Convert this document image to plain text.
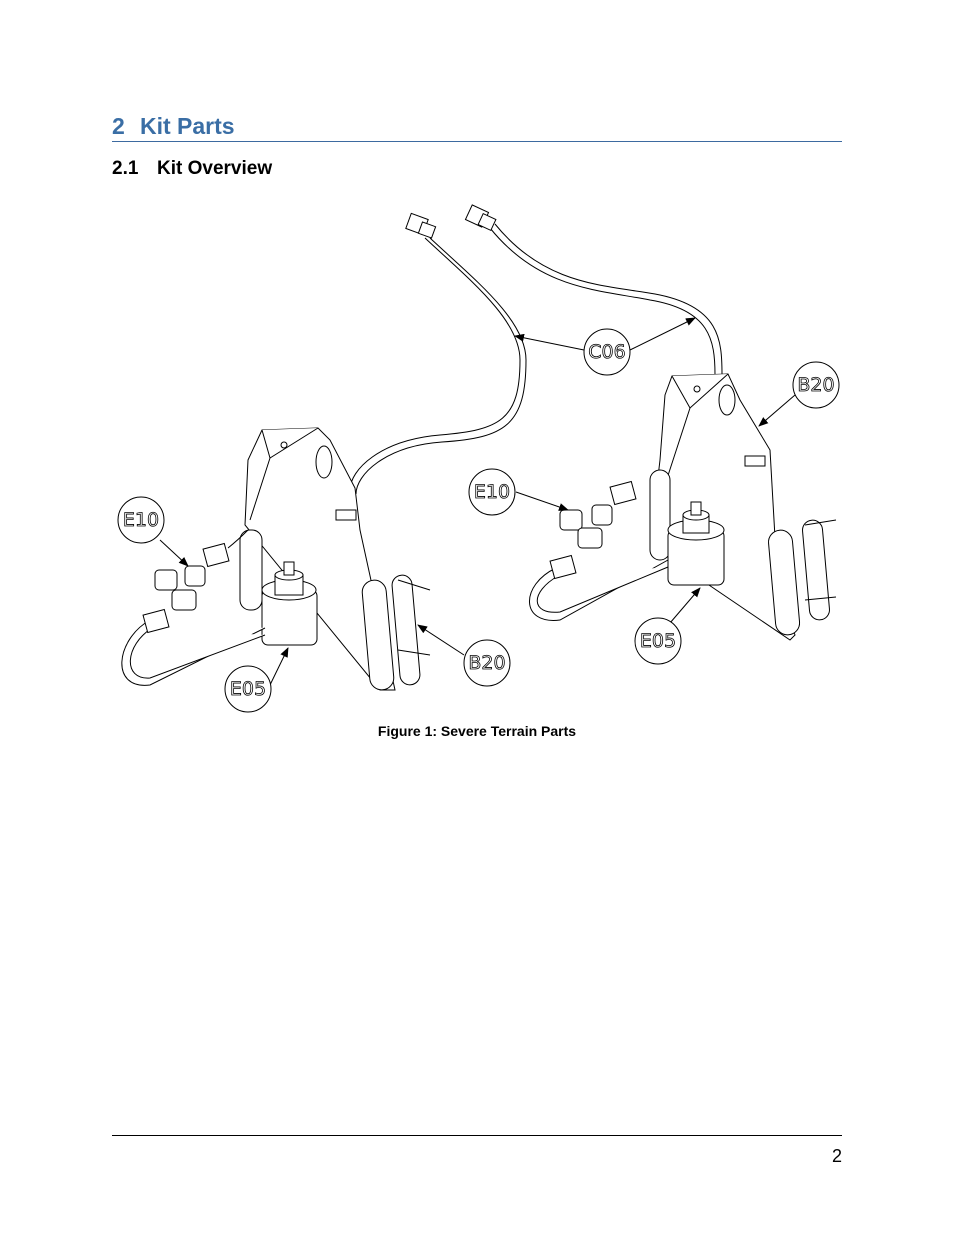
2 Kit Parts
2.1 Kit Overview
C06
B20
E10
E05
E10
E05
B20
Figure 1: Severe Terrain Parts
2
